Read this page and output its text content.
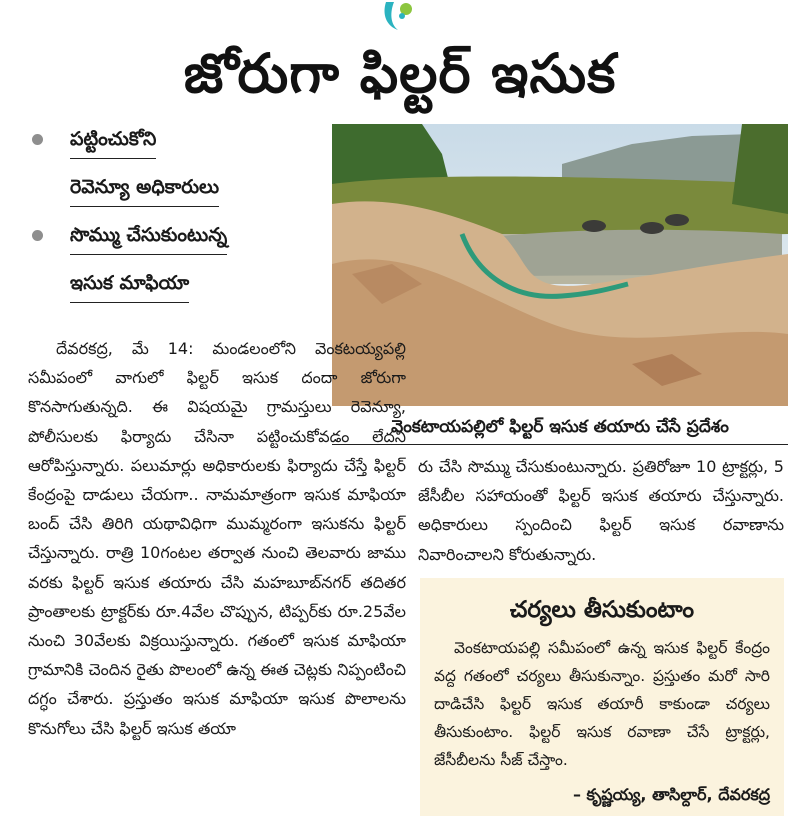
జోరుగా ఫిల్టర్ ఇసుక
పట్టించుకోని
రెవెన్యూ అధికారులు
సొమ్ము చేసుకుంటున్న
ఇసుక మాఫియా
వెంకటాయపల్లిలో ఫిల్టర్ ఇసుక తయారు చేసే ప్రదేశం

దేవరకద్ర, మే 14: మండలంలోని వెంకటయ్యపల్లి సమీపంలో వాగులో ఫిల్టర్ ఇసుక దందా జోరుగా కొనసాగుతున్నది. ఈ విషయమై గ్రామస్తులు రెవెన్యూ, పోలీసులకు ఫిర్యాదు చేసినా పట్టించుకోవడం లేదని ఆరోపిస్తున్నారు. పలుమార్లు అధికారులకు ఫిర్యాదు చేస్తే ఫిల్టర్ కేంద్రంపై దాడులు చేయగా.. నామమాత్రంగా ఇసుక మాఫియా బంద్ చేసి తిరిగి యథావిధిగా ముమ్మరంగా ఇసుకను ఫిల్టర్ చేస్తున్నారు. రాత్రి 10గంటల తర్వాత నుంచి తెలవారు జాము వరకు ఫిల్టర్ ఇసుక తయారు చేసి మహబూబ్‌నగర్ తదితర ప్రాంతాలకు ట్రాక్టర్‌కు రూ.4వేల చొప్పున, టిప్పర్‌కు రూ.25వేల నుంచి 30వేలకు విక్రయిస్తున్నారు. గతంలో ఇసుక మాఫియా గ్రామానికి చెందిన రైతు పొలంలో ఉన్న ఈత చెట్లకు నిప్పంటించి దగ్ధం చేశారు. ప్రస్తుతం ఇసుక మాఫియా ఇసుక పొలాలను కొనుగోలు చేసి ఫిల్టర్ ఇసుక తయా

రు చేసి సొమ్ము చేసుకుంటున్నారు. ప్రతిరోజూ 10 ట్రాక్టర్లు, 5 జేసీబీల సహాయంతో ఫిల్టర్ ఇసుక తయారు చేస్తున్నారు. అధికారులు స్పందించి ఫిల్టర్ ఇసుక రవాణాను నివారించాలని కోరుతున్నారు.

చర్యలు తీసుకుంటాం

వెంకటాయపల్లి సమీపంలో ఉన్న ఇసుక ఫిల్టర్ కేంద్రం వద్ద గతంలో చర్యలు తీసుకున్నాం. ప్రస్తుతం మరో సారి దాడిచేసి ఫిల్టర్ ఇసుక తయారీ కాకుండా చర్యలు తీసుకుంటాం. ఫిల్టర్ ఇసుక రవాణా చేసే ట్రాక్టర్లు, జేసీబీలను సీజ్ చేస్తాం.

– కృష్ణయ్య, తాసిల్దార్, దేవరకద్ర
